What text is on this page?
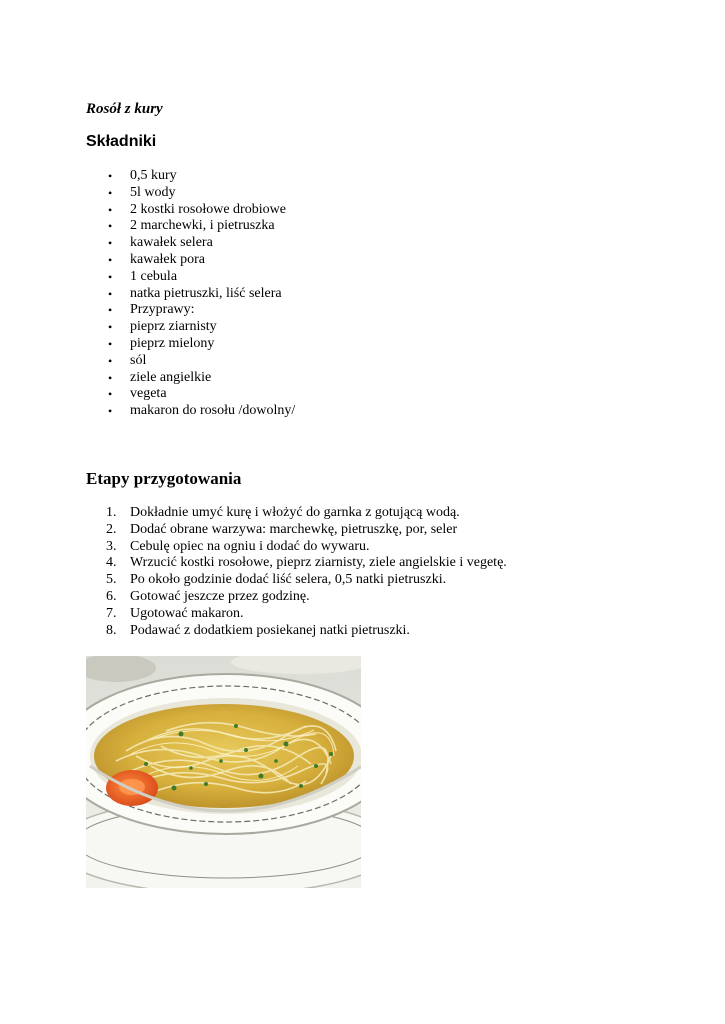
Rosół z kury
Składniki
• 0,5 kury
• 5l wody
• 2 kostki rosołowe drobiowe
• 2 marchewki, i pietruszka
• kawałek selera
• kawałek pora
• 1 cebula
• natka pietruszki, liść selera
• Przyprawy:
• pieprz ziarnisty
• pieprz mielony
• sól
• ziele angielkie
• vegeta
• makaron do rosołu /dowolny/
Etapy przygotowania
1. Dokładnie umyć kurę i włożyć do garnka z gotującą wodą.
2. Dodać obrane warzywa: marchewkę, pietruszkę, por, seler
3. Cebulę opiec na ogniu i dodać do wywaru.
4. Wrzucić kostki rosołowe, pieprz ziarnisty, ziele angielskie i vegetę.
5. Po około godzinie dodać liść selera, 0,5 natki pietruszki.
6. Gotować jeszcze przez godzinę.
7. Ugotować makaron.
8. Podawać z dodatkiem posiekanej natki pietruszki.
